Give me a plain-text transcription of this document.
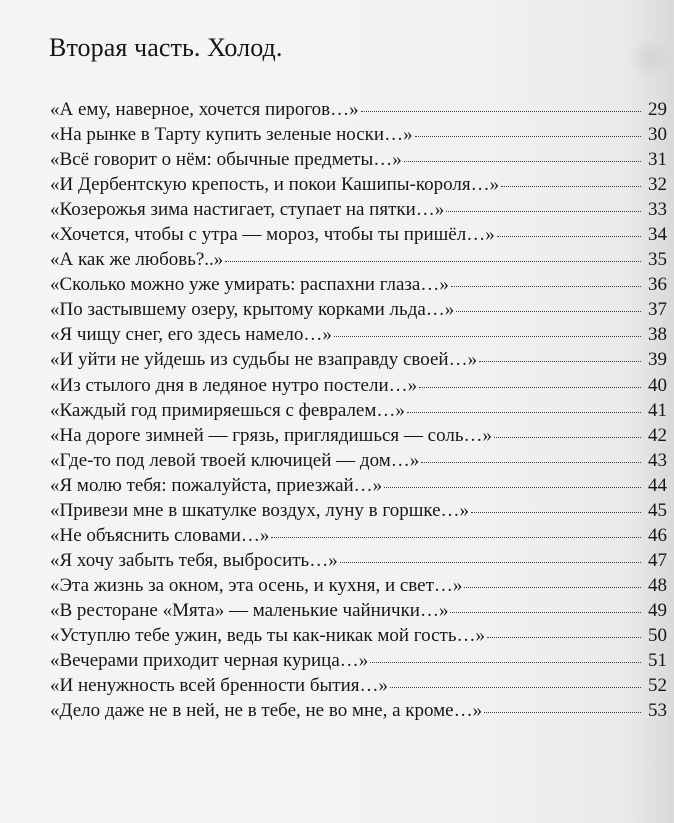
Вторая часть. Холод.
«А ему, наверное, хочется пирогов…»	29
«На рынке в Тарту купить зеленые носки…»	30
«Всё говорит о нём: обычные предметы…»	31
«И Дербентскую крепость, и покои Кашипы-короля…»	32
«Козерожья зима настигает, ступает на пятки…»	33
«Хочется, чтобы с утра — мороз, чтобы ты пришёл…»	34
«А как же любовь?..»	35
«Сколько можно уже умирать: распахни глаза…»	36
«По застывшему озеру, крытому корками льда…»	37
«Я чищу снег, его здесь намело…»	38
«И уйти не уйдешь из судьбы не взаправду своей…»	39
«Из стылого дня в ледяное нутро постели…»	40
«Каждый год примиряешься с февралем…»	41
«На дороге зимней — грязь, приглядишься — соль…»	42
«Где-то под левой твоей ключицей — дом…»	43
«Я молю тебя: пожалуйста, приезжай…»	44
«Привези мне в шкатулке воздух, луну в горшке…»	45
«Не объяснить словами…»	46
«Я хочу забыть тебя, выбросить…»	47
«Эта жизнь за окном, эта осень, и кухня, и свет…»	48
«В ресторане «Мята» — маленькие чайнички…»	49
«Уступлю тебе ужин, ведь ты как-никак мой гость…»	50
«Вечерами приходит черная курица…»	51
«И ненужность всей бренности бытия…»	52
«Дело даже не в ней, не в тебе, не во мне, а кроме…»	53
